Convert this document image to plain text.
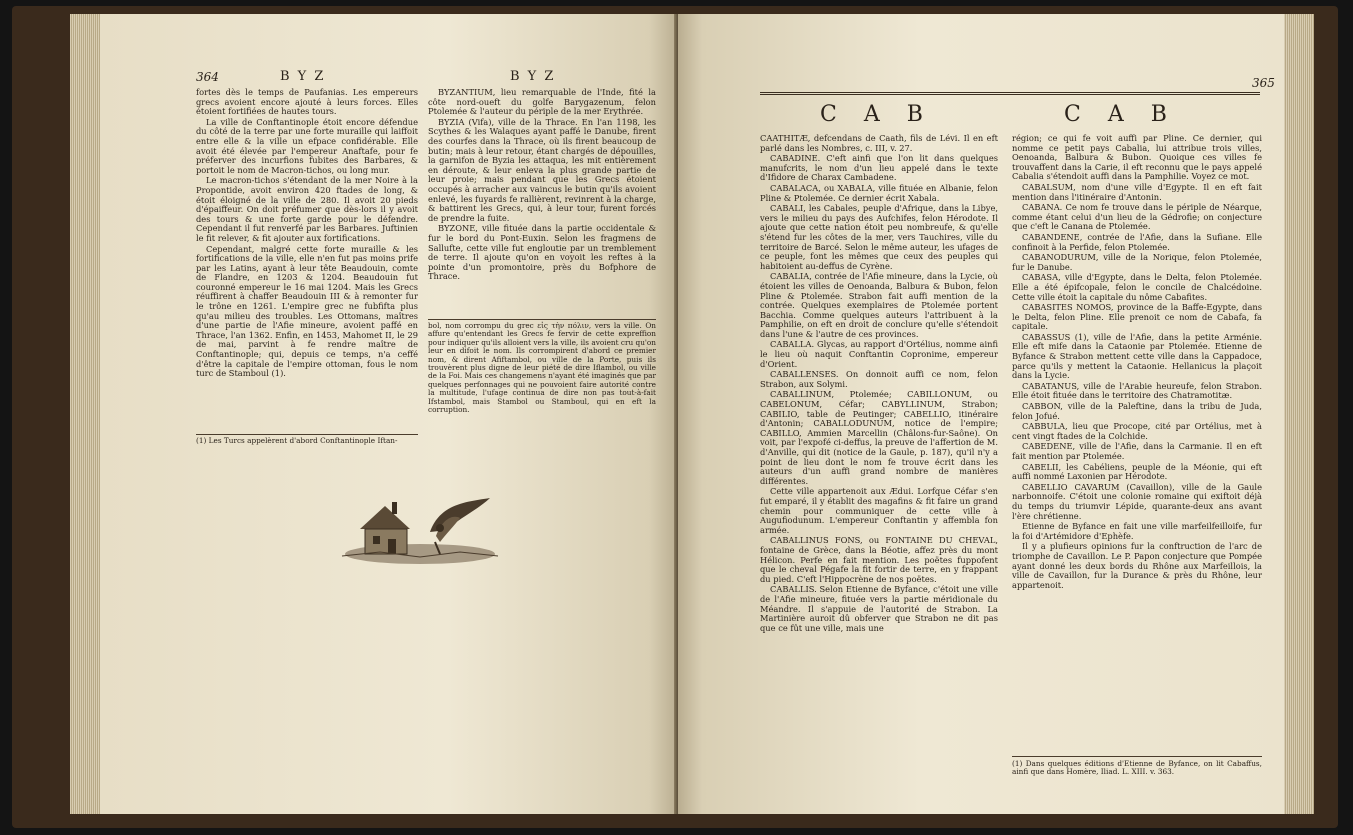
364	B Y Z	B Y Z

fortes dès le temps de Paufanias. Les empereurs grecs avoient encore ajouté à leurs forces. Elles étoient fortifiées de hautes tours.

La ville de Conftantinople étoit encore défendue du côté de la terre par une forte muraille qui laiffoit entre elle & la ville un efpace confidérable. Elle avoit été élevée par l'empereur Anaftafe, pour fe préferver des incurfions fubites des Barbares, & portoit le nom de Macron-tichos, ou long mur.

Le macron-tichos s'étendant de la mer Noire à la Propontide, avoit environ 420 ftades de long, & étoit éloigné de la ville de 280. Il avoit 20 pieds d'épaiffeur. On doit préfumer que dès-lors il y avoit des tours & une forte garde pour le défendre. Cependant il fut renverfé par les Barbares. Juftinien le fit relever, & fit ajouter aux fortifications.

Cependant, malgré cette forte muraille & les fortifications de la ville, elle n'en fut pas moins prife par les Latins, ayant à leur tête Beaudouin, comte de Flandre, en 1203 & 1204. Beaudouin fut couronné empereur le 16 mai 1204. Mais les Grecs réuffirent à chaffer Beaudouin III & à remonter fur le trône en 1261. L'empire grec ne fubfifta plus qu'au milieu des troubles. Les Ottomans, maîtres d'une partie de l'Afie mineure, avoient paffé en Thrace, l'an 1362. Enfin, en 1453, Mahomet II, le 29 de mai, parvint à fe rendre maître de Conftantinople; qui, depuis ce temps, n'a ceffé d'être la capitale de l'empire ottoman, fous le nom turc de Stamboul (1).

(1) Les Turcs appelèrent d'abord Conftantinople Iftan-

BYZANTIUM, lieu remarquable de l'Inde, fité la côte nord-oueft du golfe Barygazenum, felon Ptolemée & l'auteur du périple de la mer Erythrée.

BYZIA (Vifa), ville de la Thrace. En l'an 1198, les Scythes & les Walaques ayant paffé le Danube, firent des courfes dans la Thrace, où ils firent beaucoup de butin; mais à leur retour, étant chargés de dépouilles, la garnifon de Byzia les attaqua, les mit entièrement en déroute, & leur enleva la plus grande partie de leur proie; mais pendant que les Grecs étoient occupés à arracher aux vaincus le butin qu'ils avoient enlevé, les fuyards fe rallièrent, revinrent à la charge, & battirent les Grecs, qui, à leur tour, furent forcés de prendre la fuite.

BYZONE, ville fituée dans la partie occidentale & fur le bord du Pont-Euxin. Selon les fragmens de Sallufte, cette ville fut engloutie par un tremblement de terre. Il ajoute qu'on en voyoit les reftes à la pointe d'un promontoire, près du Bofphore de Thrace.

bol, nom corrompu du grec εἰς τὴν πόλιν, vers la ville. On affure qu'entendant les Grecs fe fervir de cette expreffion pour indiquer qu'ils alloient vers la ville, ils avoient cru qu'on leur en difoit le nom. Ils corrompirent d'abord ce premier nom, & dirent Afiftambol, ou ville de la Porte, puis ils trouvèrent plus digne de leur piété de dire Iflambol, ou ville de la Foi. Mais ces changemens n'ayant été imaginés que par quelques perfonnages qui ne pouvoient faire autorité contre la multitude, l'ufage continua de dire non pas tout-à-fait Ifstambol, mais Stambol ou Stamboul, qui en eft la corruption.
365
C A B	C A B

CAATHITÆ, defcendans de Caath, fils de Lévi. Il en eft parlé dans les Nombres, c. III, v. 27.

CABADINE. C'eft ainfi que l'on lit dans quelques manufcrits, le nom d'un lieu appelé dans le texte d'Ifidore de Charax Cambadene.

CABALACA, ou XABALA, ville fituée en Albanie, felon Pline & Ptolemée. Ce dernier écrit Xabala.

CABALI, les Cabales, peuple d'Afrique, dans la Libye, vers le milieu du pays des Aufchifes, felon Hérodote. Il ajoute que cette nation étoit peu nombreufe, & qu'elle s'étend fur les côtes de la mer, vers Tauchires, ville du territoire de Barcé. Selon le même auteur, les ufages de ce peuple, font les mêmes que ceux des peuples qui habitoient au-deffus de Cyrène.

CABALIA, contrée de l'Afie mineure, dans la Lycie, où étoient les villes de Oenoanda, Balbura & Bubon, felon Pline & Ptolemée. Strabon fait auffi mention de la contrée. Quelques exemplaires de Ptolemée portent Bacchia. Comme quelques auteurs l'attribuent à la Pamphilie, on eft en droit de conclure qu'elle s'étendoit dans l'une & l'autre de ces provinces.

CABALLA. Glycas, au rapport d'Ortélius, nomme ainfi le lieu où naquit Conftantin Copronime, empereur d'Orient.

CABALLENSES. On donnoit auffi ce nom, felon Strabon, aux Solymi.

CABALLINUM, Ptolemée; CABILLONUM, ou CABELONUM, Céfar; CABYLLINUM, Strabon; CABILIO, table de Peutinger; CABELLIO, itinéraire d'Antonin; CABALLODUNUM, notice de l'empire; CABILLO, Ammien Marcellin (Châlons-fur-Saône). On voit, par l'expofé ci-deffus, la preuve de l'affertion de M. d'Anville, qui dit (notice de la Gaule, p. 187), qu'il n'y a point de lieu dont le nom fe trouve écrit dans les auteurs d'un auffi grand nombre de manières différentes.

Cette ville appartenoit aux Ædui. Lorfque Céfar s'en fut emparé, il y établit des magafins & fit faire un grand chemin pour communiquer de cette ville à Augufiodunum. L'empereur Conftantin y affembla fon armée.

CABALLINUS FONS, ou FONTAINE DU CHEVAL, fontaine de Grèce, dans la Béotie, affez près du mont Hélicon. Perfe en fait mention. Les poëtes fuppofent que le cheval Pégafe la fit fortir de terre, en y frappant du pied. C'eft l'Hippocrène de nos poëtes.

CABALLIS. Selon Etienne de Byfance, c'étoit une ville de l'Afie mineure, fituée vers la partie méridionale du Méandre. Il s'appuie de l'autorité de Strabon. La Martinière auroit dû obferver que Strabon ne dit pas que ce fût une ville, mais une

région; ce qui fe voit auffi par Pline. Ce dernier, qui nomme ce petit pays Cabalia, lui attribue trois villes, Oenoanda, Balbura & Bubon. Quoique ces villes fe trouvaffent dans la Carie, il eft reconnu que le pays appelé Cabalia s'étendoit auffi dans la Pamphilie. Voyez ce mot.

CABALSUM, nom d'une ville d'Egypte. Il en eft fait mention dans l'itinéraire d'Antonin.

CABANA. Ce nom fe trouve dans le périple de Néarque, comme étant celui d'un lieu de la Gédrofie; on conjecture que c'eft le Canana de Ptolemée.

CABANDENE, contrée de l'Afie, dans la Sufiane. Elle confinoit à la Perfide, felon Ptolemée.

CABANODURUM, ville de la Norique, felon Ptolemée, fur le Danube.

CABASA, ville d'Egypte, dans le Delta, felon Ptolemée. Elle a été épifcopale, felon le concile de Chalcédoine. Cette ville étoit la capitale du nôme Cabafites.

CABASITES NOMOS, province de la Baffe-Egypte, dans le Delta, felon Pline. Elle prenoit ce nom de Cabafa, fa capitale.

CABASSUS (1), ville de l'Afie, dans la petite Arménie. Elle eft mife dans la Cataonie par Ptolemée. Etienne de Byfance & Strabon mettent cette ville dans la Cappadoce, parce qu'ils y mettent la Cataonie. Hellanicus la plaçoit dans la Lycie.

CABATANUS, ville de l'Arabie heureufe, felon Strabon. Elle étoit fituée dans le territoire des Chatramotitæ.

CABBON, ville de la Paleftine, dans la tribu de Juda, felon Jofué.

CABBULA, lieu que Procope, cité par Ortélius, met à cent vingt ftades de la Colchide.

CABEDENE, ville de l'Afie, dans la Carmanie. Il en eft fait mention par Ptolemée.

CABELII, les Cabéliens, peuple de la Méonie, qui eft auffi nommé Laxonien par Hérodote.

CABELLIO CAVARUM (Cavaillon), ville de la Gaule narbonnoife. C'étoit une colonie romaine qui exiftoit déjà du temps du triumvir Lépide, quarante-deux ans avant l'ère chrétienne.

Etienne de Byfance en fait une ville marfeilfeilloife, fur la foi d'Artémidore d'Ephèfe.

Il y a plufieurs opinions fur la conftruction de l'arc de triomphe de Cavaillon. Le P. Papon conjecture que Pompée ayant donné les deux bords du Rhône aux Marfeillois, la ville de Cavaillon, fur la Durance & près du Rhône, leur appartenoit.

(1) Dans quelques éditions d'Etienne de Byfance, on lit Cabaffus, ainfi que dans Homère, Iliad. L. XIII. v. 363.
